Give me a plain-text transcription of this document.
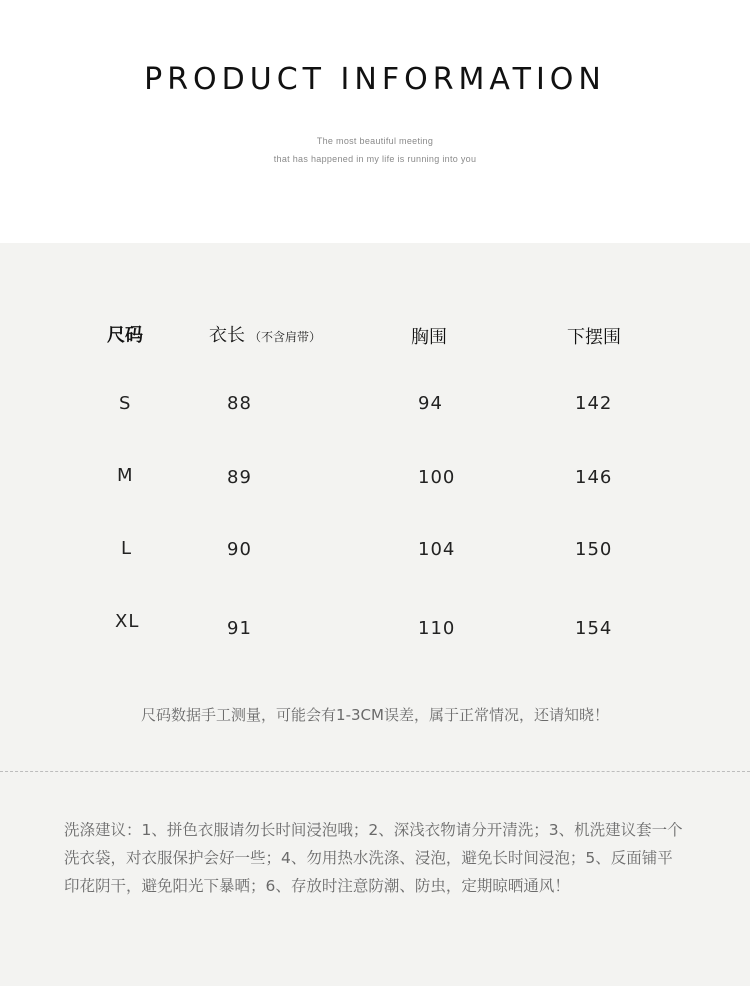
PRODUCT INFORMATION
The most beautiful meeting
that has happened in my life is running into you
尺码	衣长 （不含肩带）	胸围	下摆围
S	88	94	142
M	89	100	146
L	90	104	150
XL	91	110	154
尺码数据手工测量，可能会有1-3CM误差，属于正常情况，还请知晓！
洗涤建议：1、拼色衣服请勿长时间浸泡哦；2、深浅衣物请分开清洗；3、机洗建议套一个洗衣袋，对衣服保护会好一些；4、勿用热水洗涤、浸泡，避免长时间浸泡；5、反面铺平印花阴干，避免阳光下暴晒；6、存放时注意防潮、防虫，定期晾晒通风！
